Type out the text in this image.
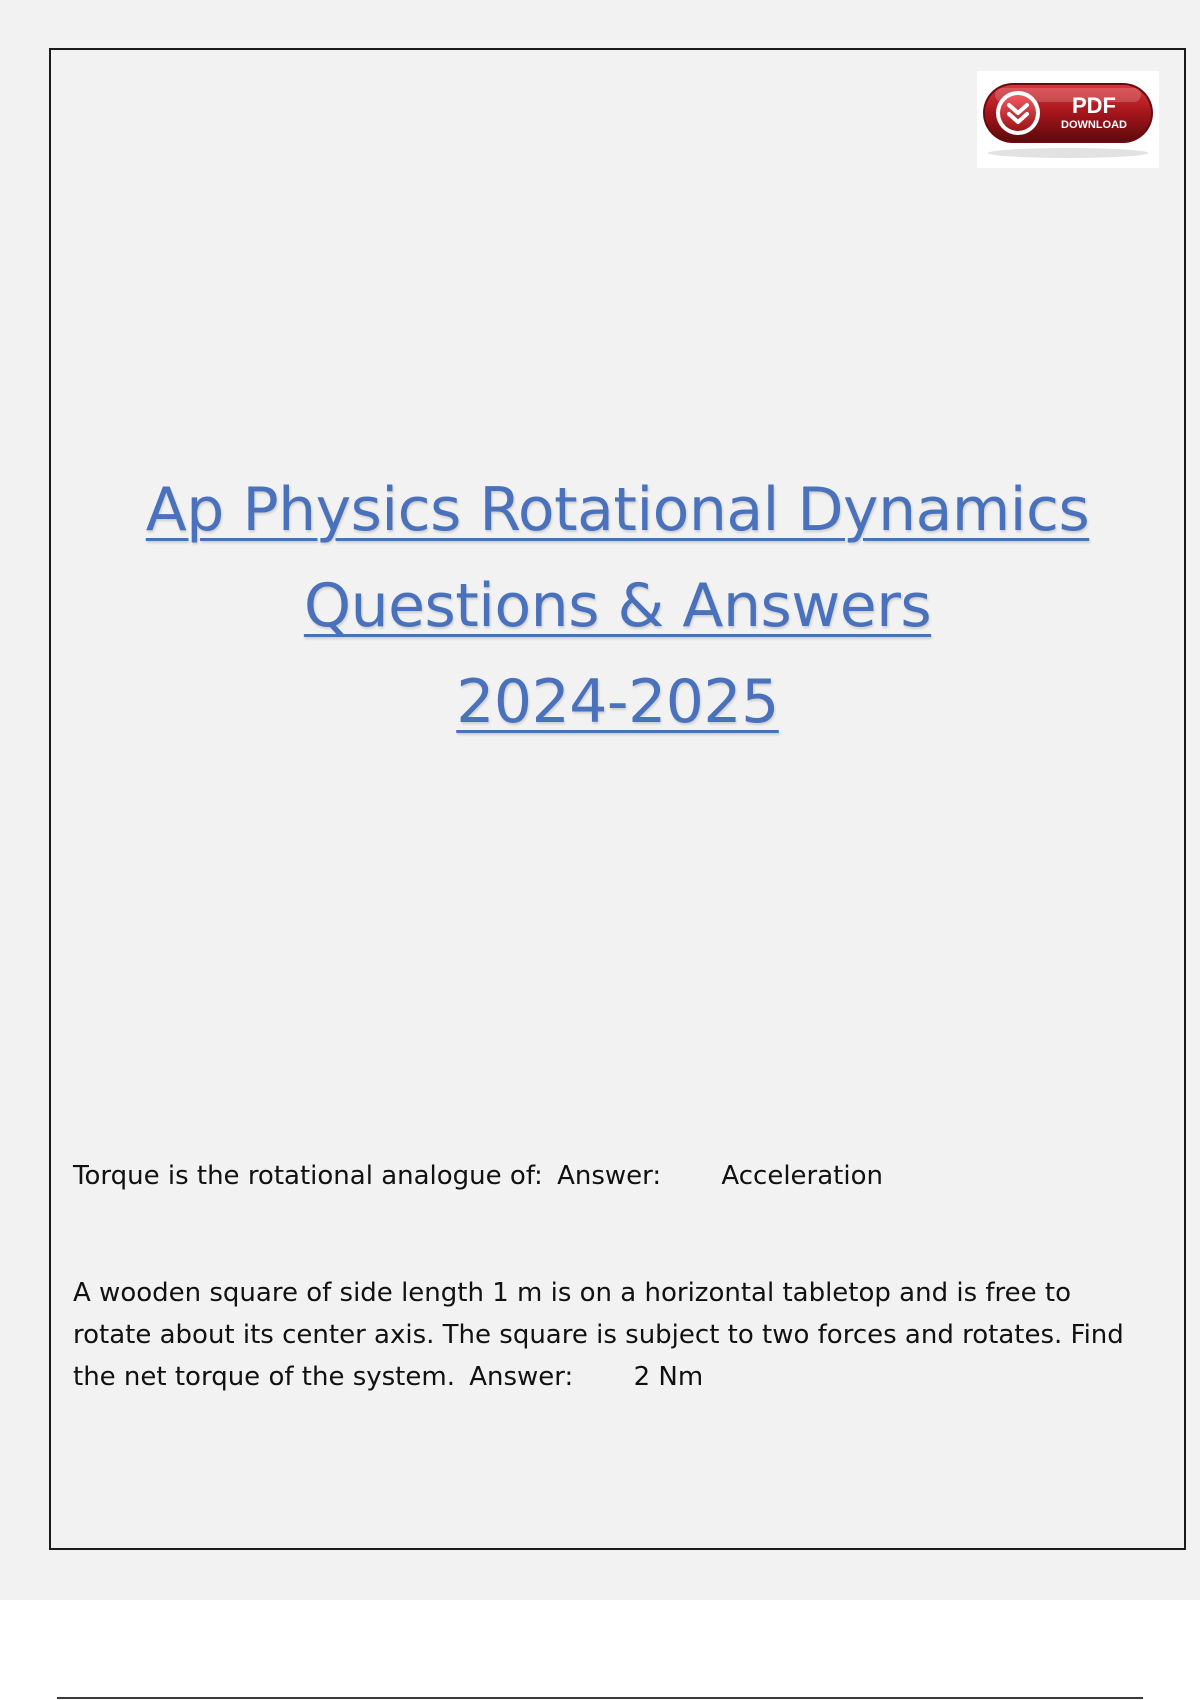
PDF
DOWNLOAD
Ap Physics Rotational Dynamics
Questions & Answers
2024-2025
Torque is the rotational analogue of: Answer: Acceleration
A wooden square of side length 1 m is on a horizontal tabletop and is free to rotate about its center axis. The square is subject to two forces and rotates. Find the net torque of the system. Answer: 2 Nm
